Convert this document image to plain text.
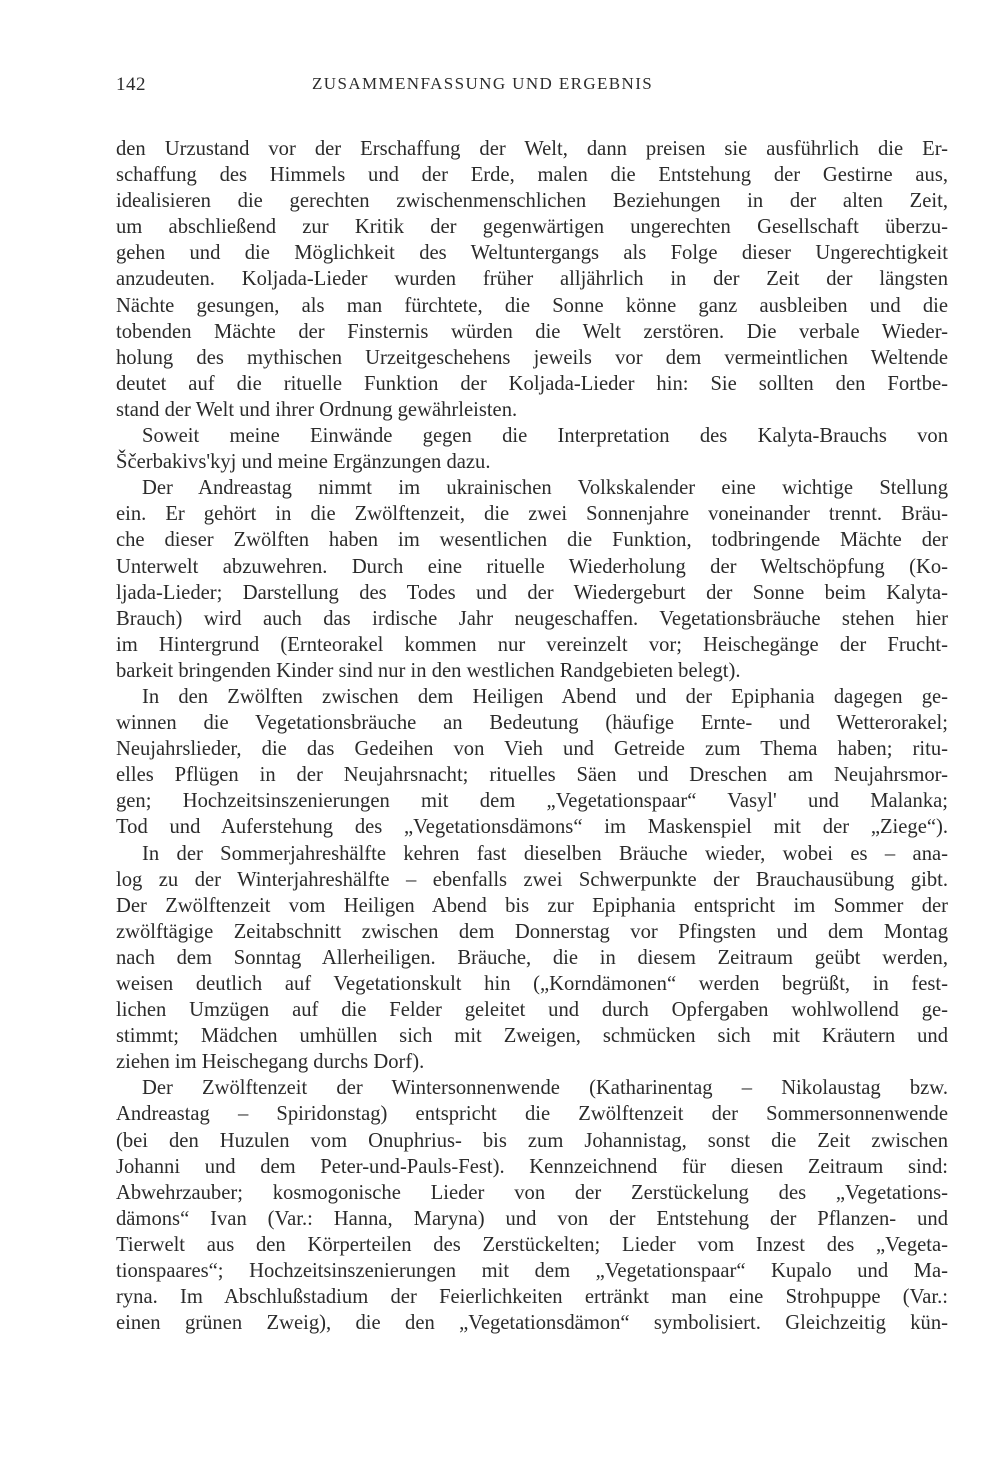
142	ZUSAMMENFASSUNG UND ERGEBNIS
den Urzustand vor der Erschaffung der Welt, dann preisen sie ausführlich die Er-
schaffung des Himmels und der Erde, malen die Entstehung der Gestirne aus,
idealisieren die gerechten zwischenmenschlichen Beziehungen in der alten Zeit,
um abschließend zur Kritik der gegenwärtigen ungerechten Gesellschaft überzu-
gehen und die Möglichkeit des Weltuntergangs als Folge dieser Ungerechtigkeit
anzudeuten. Koljada-Lieder wurden früher alljährlich in der Zeit der längsten
Nächte gesungen, als man fürchtete, die Sonne könne ganz ausbleiben und die
tobenden Mächte der Finsternis würden die Welt zerstören. Die verbale Wieder-
holung des mythischen Urzeitgeschehens jeweils vor dem vermeintlichen Weltende
deutet auf die rituelle Funktion der Koljada-Lieder hin: Sie sollten den Fortbe-
stand der Welt und ihrer Ordnung gewährleisten.
Soweit meine Einwände gegen die Interpretation des Kalyta-Brauchs von
Ščerbakivs'kyj und meine Ergänzungen dazu.
Der Andreastag nimmt im ukrainischen Volkskalender eine wichtige Stellung
ein. Er gehört in die Zwölftenzeit, die zwei Sonnenjahre voneinander trennt. Bräu-
che dieser Zwölften haben im wesentlichen die Funktion, todbringende Mächte der
Unterwelt abzuwehren. Durch eine rituelle Wiederholung der Weltschöpfung (Ko-
ljada-Lieder; Darstellung des Todes und der Wiedergeburt der Sonne beim Kalyta-
Brauch) wird auch das irdische Jahr neugeschaffen. Vegetationsbräuche stehen hier
im Hintergrund (Ernteorakel kommen nur vereinzelt vor; Heischegänge der Frucht-
barkeit bringenden Kinder sind nur in den westlichen Randgebieten belegt).
In den Zwölften zwischen dem Heiligen Abend und der Epiphania dagegen ge-
winnen die Vegetationsbräuche an Bedeutung (häufige Ernte- und Wetterorakel;
Neujahrslieder, die das Gedeihen von Vieh und Getreide zum Thema haben; ritu-
elles Pflügen in der Neujahrsnacht; rituelles Säen und Dreschen am Neujahrsmor-
gen; Hochzeitsinszenierungen mit dem „Vegetationspaar“ Vasyl' und Malanka;
Tod und Auferstehung des „Vegetationsdämons“ im Maskenspiel mit der „Ziege“).
In der Sommerjahreshälfte kehren fast dieselben Bräuche wieder, wobei es – ana-
log zu der Winterjahreshälfte – ebenfalls zwei Schwerpunkte der Brauchausübung gibt.
Der Zwölftenzeit vom Heiligen Abend bis zur Epiphania entspricht im Sommer der
zwölftägige Zeitabschnitt zwischen dem Donnerstag vor Pfingsten und dem Montag
nach dem Sonntag Allerheiligen. Bräuche, die in diesem Zeitraum geübt werden,
weisen deutlich auf Vegetationskult hin („Korndämonen“ werden begrüßt, in fest-
lichen Umzügen auf die Felder geleitet und durch Opfergaben wohlwollend ge-
stimmt; Mädchen umhüllen sich mit Zweigen, schmücken sich mit Kräutern und
ziehen im Heischegang durchs Dorf).
Der Zwölftenzeit der Wintersonnenwende (Katharinentag – Nikolaustag bzw.
Andreastag – Spiridonstag) entspricht die Zwölftenzeit der Sommersonnenwende
(bei den Huzulen vom Onuphrius- bis zum Johannistag, sonst die Zeit zwischen
Johanni und dem Peter-und-Pauls-Fest). Kennzeichnend für diesen Zeitraum sind:
Abwehrzauber; kosmogonische Lieder von der Zerstückelung des „Vegetations-
dämons“ Ivan (Var.: Hanna, Maryna) und von der Entstehung der Pflanzen- und
Tierwelt aus den Körperteilen des Zerstückelten; Lieder vom Inzest des „Vegeta-
tionspaares“; Hochzeitsinszenierungen mit dem „Vegetationspaar“ Kupalo und Ma-
ryna. Im Abschlußstadium der Feierlichkeiten ertränkt man eine Strohpuppe (Var.:
einen grünen Zweig), die den „Vegetationsdämon“ symbolisiert. Gleichzeitig kün-
